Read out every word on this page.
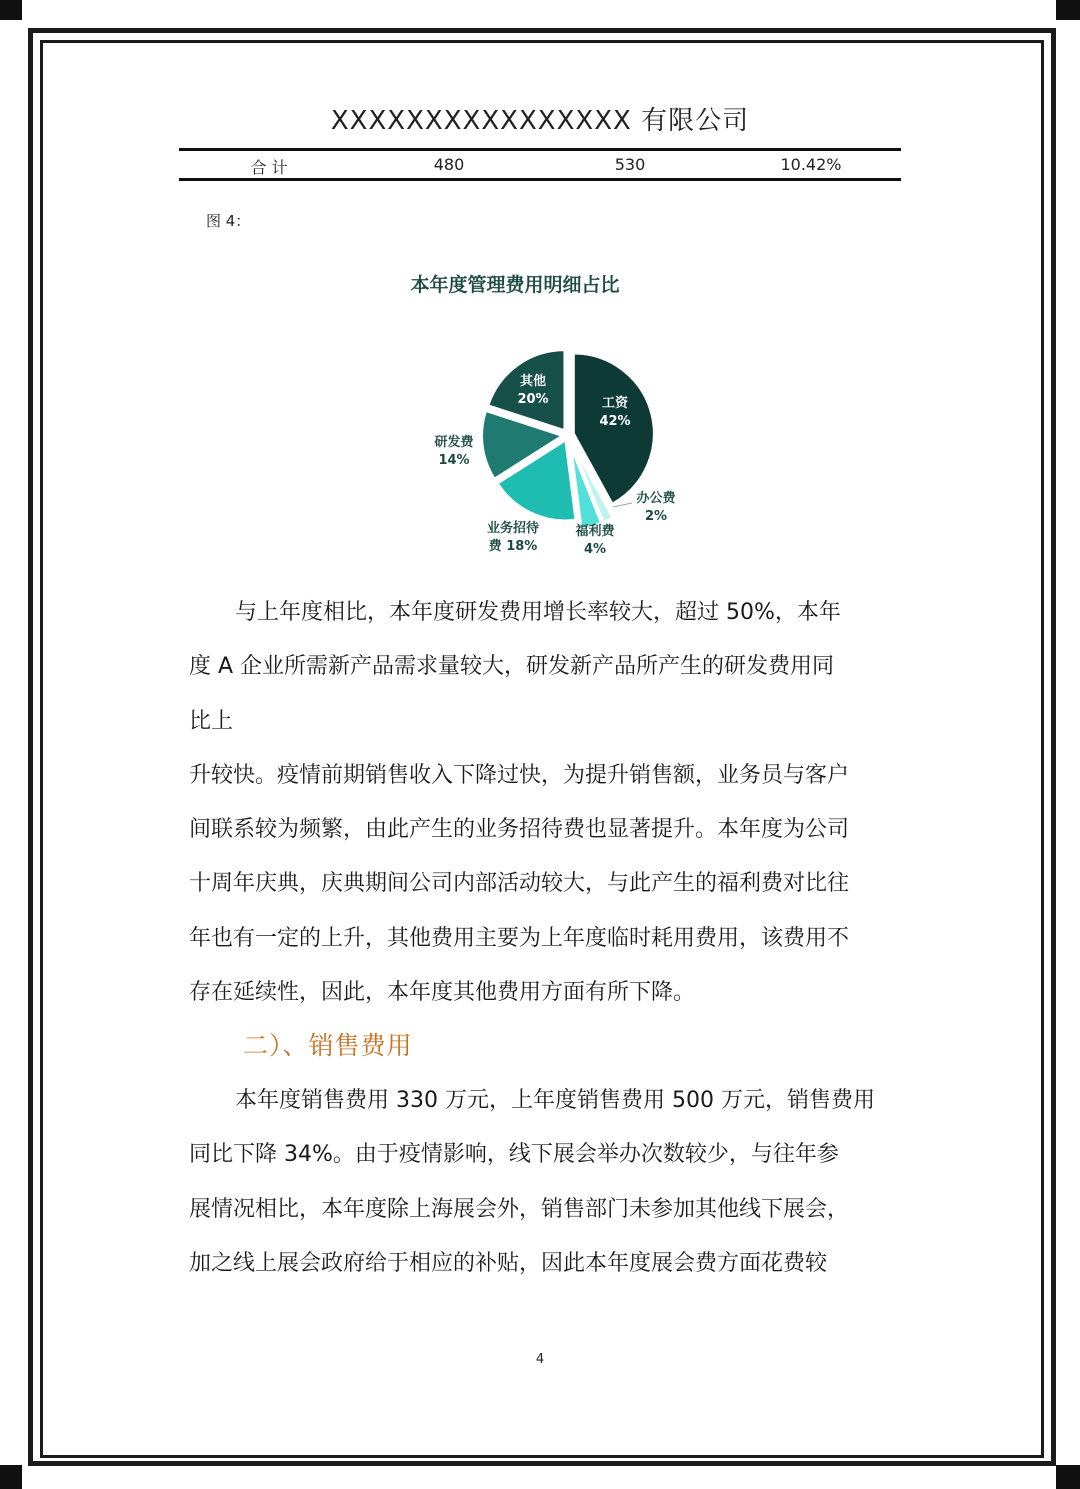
XXXXXXXXXXXXXXXX 有限公司
合 计	480	530	10.42%
图 4：
本年度管理费用明细占比
工资
42%
办公费
2%
福利费
4%
业务招待
费 18%
研发费
14%
其他
20%

与上年度相比，本年度研发费用增长率较大，超过 50%，本年

度 A 企业所需新产品需求量较大，研发新产品所产生的研发费用同

比上

升较快。疫情前期销售收入下降过快，为提升销售额，业务员与客户

间联系较为频繁，由此产生的业务招待费也显著提升。本年度为公司

十周年庆典，庆典期间公司内部活动较大，与此产生的福利费对比往

年也有一定的上升，其他费用主要为上年度临时耗用费用，该费用不

存在延续性，因此，本年度其他费用方面有所下降。

二）、销售费用

本年度销售费用 330 万元，上年度销售费用 500 万元，销售费用

同比下降 34%。由于疫情影响，线下展会举办次数较少，与往年参

展情况相比，本年度除上海展会外，销售部门未参加其他线下展会，

加之线上展会政府给于相应的补贴，因此本年度展会费方面花费较

4
